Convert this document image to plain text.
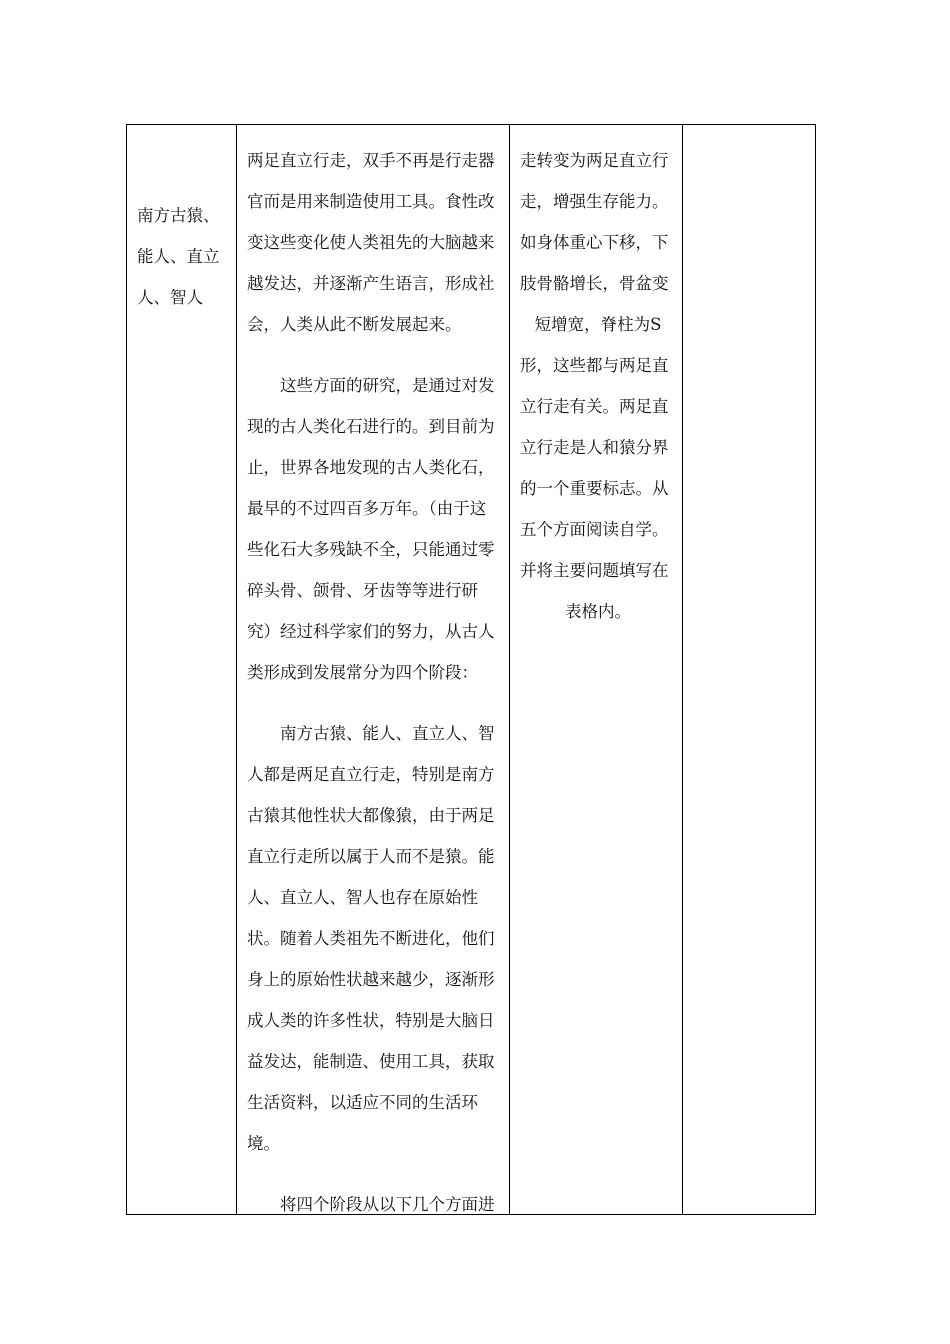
南方古猿、
能人、直立
人、智人
两足直立行走，双手不再是行走器
官而是用来制造使用工具。食性改
变这些变化使人类祖先的大脑越来
越发达，并逐渐产生语言，形成社
会，人类从此不断发展起来。
这些方面的研究，是通过对发
现的古人类化石进行的。到目前为
止，世界各地发现的古人类化石，
最早的不过四百多万年。（由于这
些化石大多残缺不全，只能通过零
碎头骨、颌骨、牙齿等等进行研
究）经过科学家们的努力，从古人
类形成到发展常分为四个阶段：
南方古猿、能人、直立人、智
人都是两足直立行走，特别是南方
古猿其他性状大都像猿，由于两足
直立行走所以属于人而不是猿。能
人、直立人、智人也存在原始性
状。随着人类祖先不断进化，他们
身上的原始性状越来越少，逐渐形
成人类的许多性状，特别是大脑日
益发达，能制造、使用工具，获取
生活资料，以适应不同的生活环
境。
将四个阶段从以下几个方面进
走转变为两足直立行
走，增强生存能力。
如身体重心下移，下
肢骨骼增长，骨盆变
短增宽，脊柱为S
形，这些都与两足直
立行走有关。两足直
立行走是人和猿分界
的一个重要标志。从
五个方面阅读自学。
并将主要问题填写在
表格内。
